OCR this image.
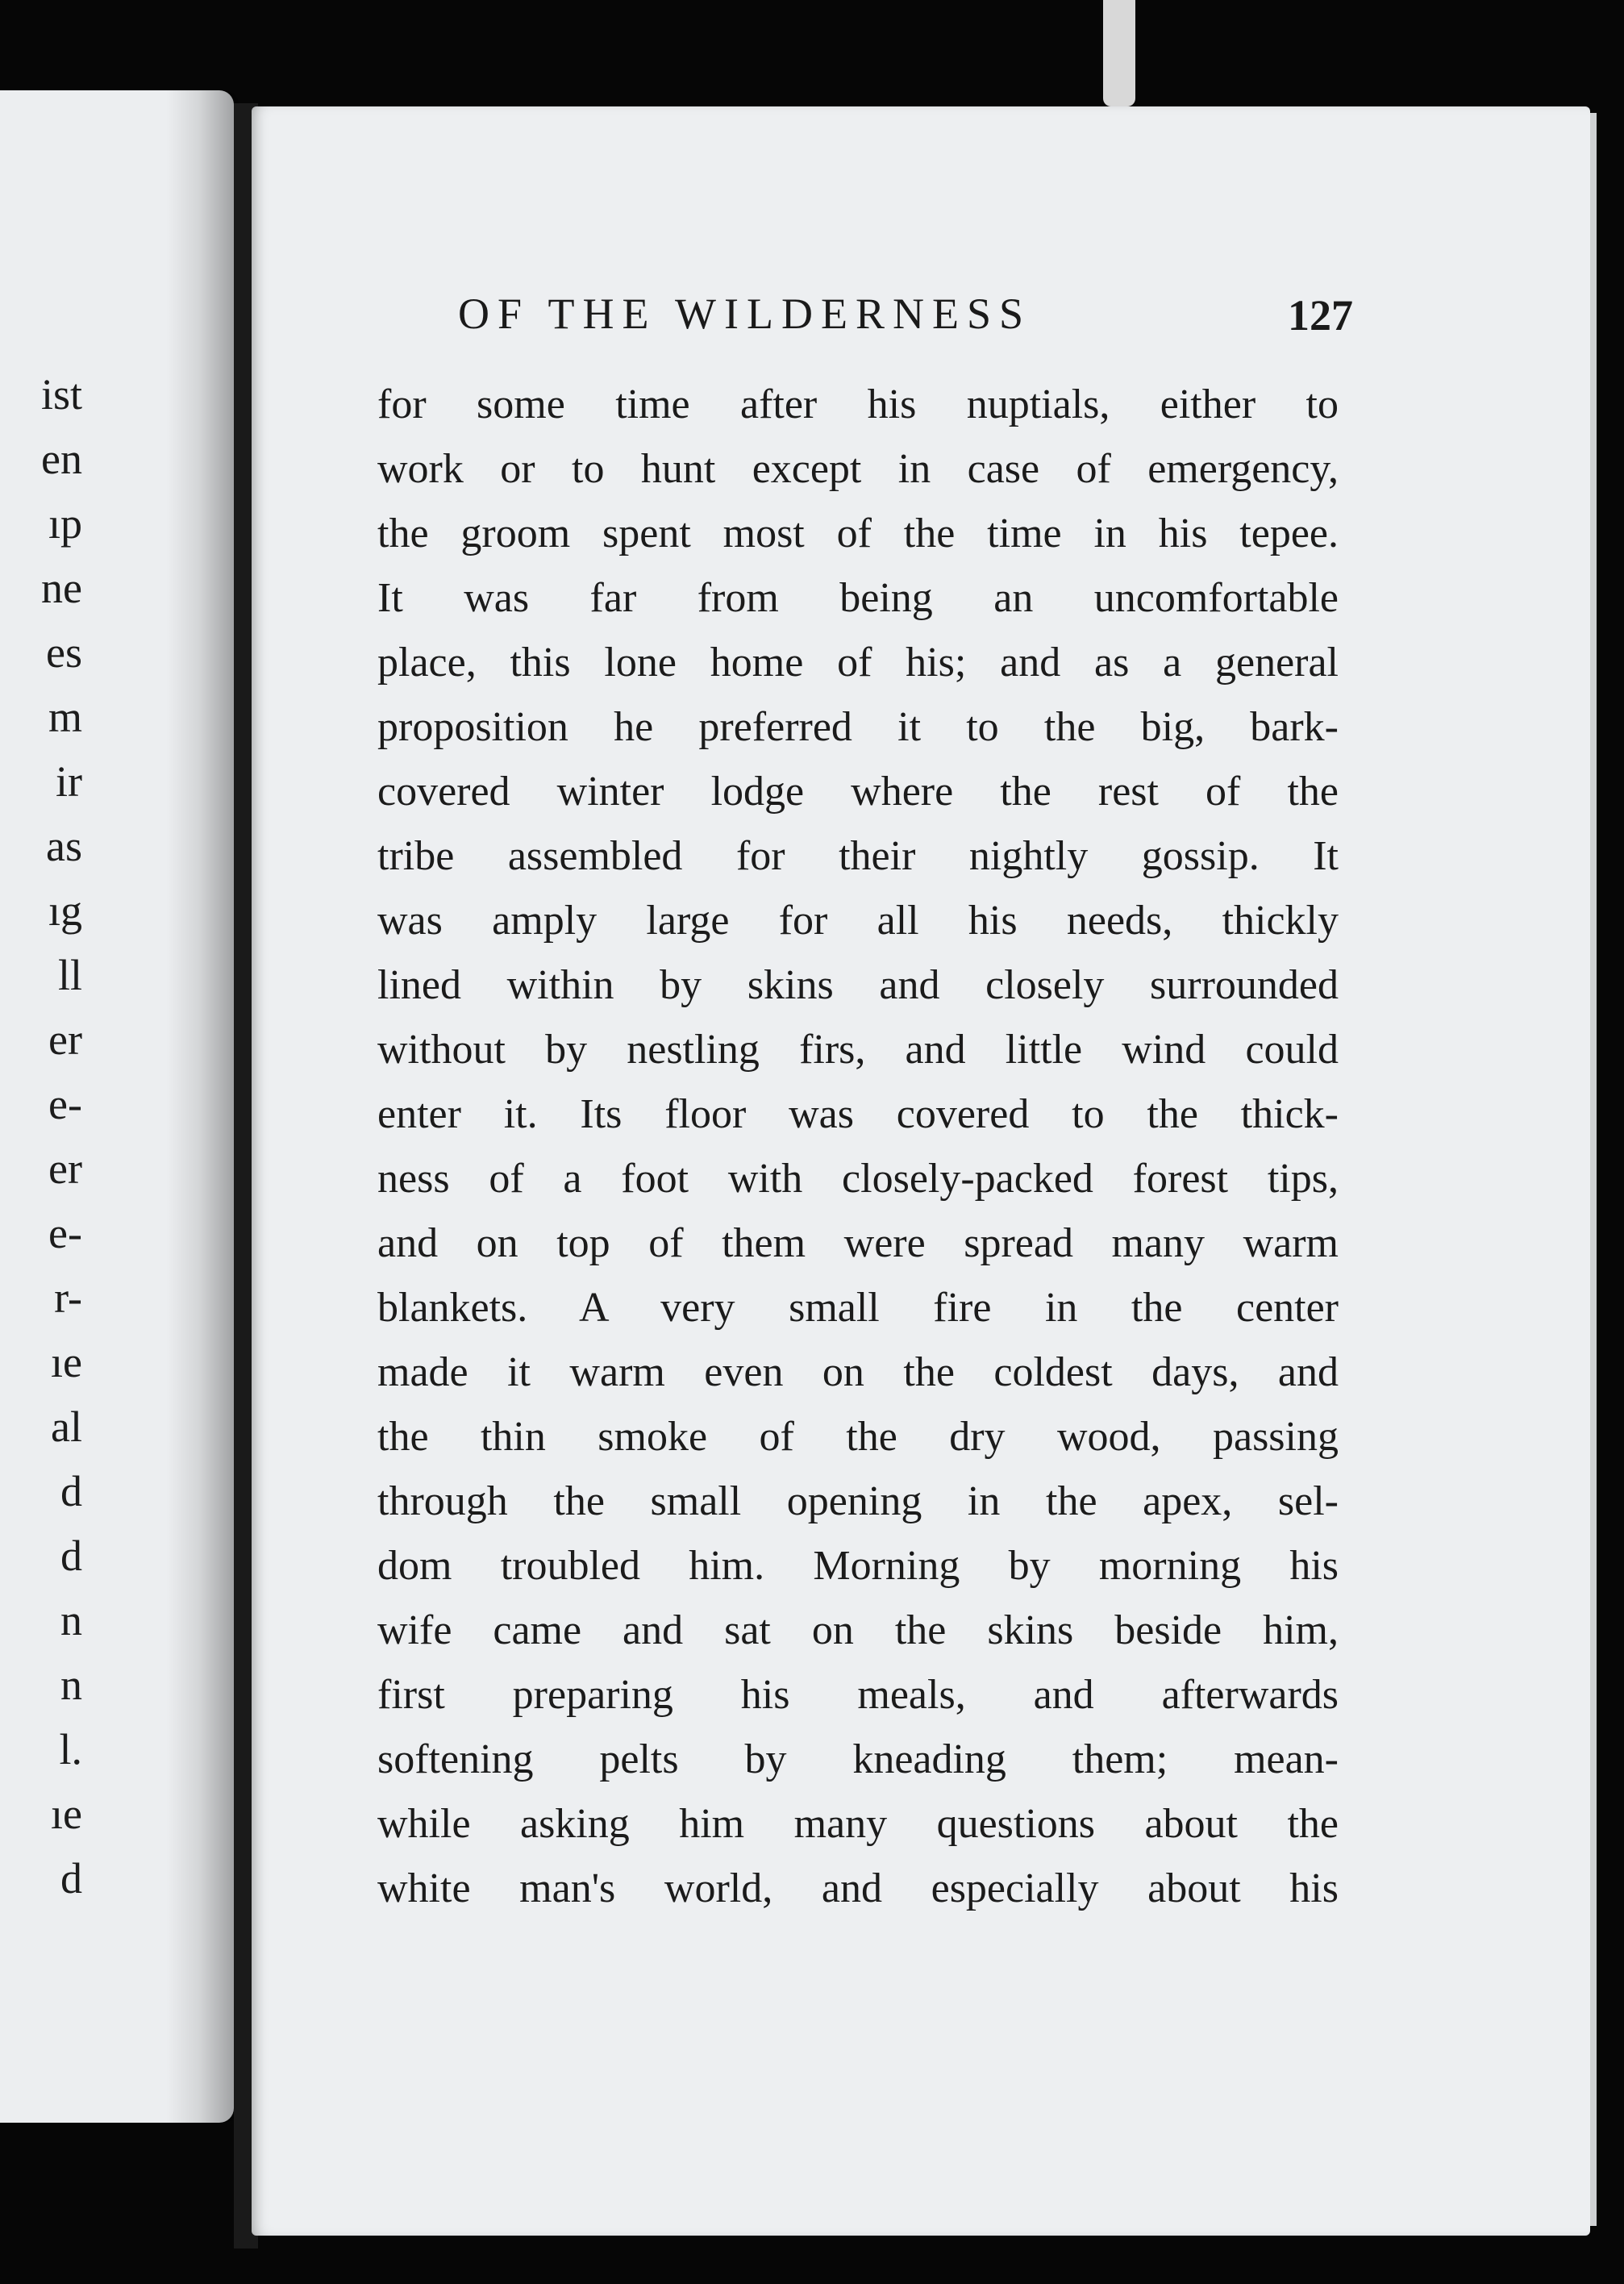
ist
en
ıp
ne
es
m
ir
as
ıg
ll
er
e-
er
e-
r-
ıe
al
d
d
n
n
l.
ıe
d
OF THE WILDERNESS	127
for some time after his nuptials, either to
work or to hunt except in case of emergency,
the groom spent most of the time in his tepee.
It was far from being an uncomfortable
place, this lone home of his; and as a general
proposition he preferred it to the big, bark-
covered winter lodge where the rest of the
tribe assembled for their nightly gossip. It
was amply large for all his needs, thickly
lined within by skins and closely surrounded
without by nestling firs, and little wind could
enter it. Its floor was covered to the thick-
ness of a foot with closely-packed forest tips,
and on top of them were spread many warm
blankets. A very small fire in the center
made it warm even on the coldest days, and
the thin smoke of the dry wood, passing
through the small opening in the apex, sel-
dom troubled him. Morning by morning his
wife came and sat on the skins beside him,
first preparing his meals, and afterwards
softening pelts by kneading them; mean-
while asking him many questions about the
white man's world, and especially about his
